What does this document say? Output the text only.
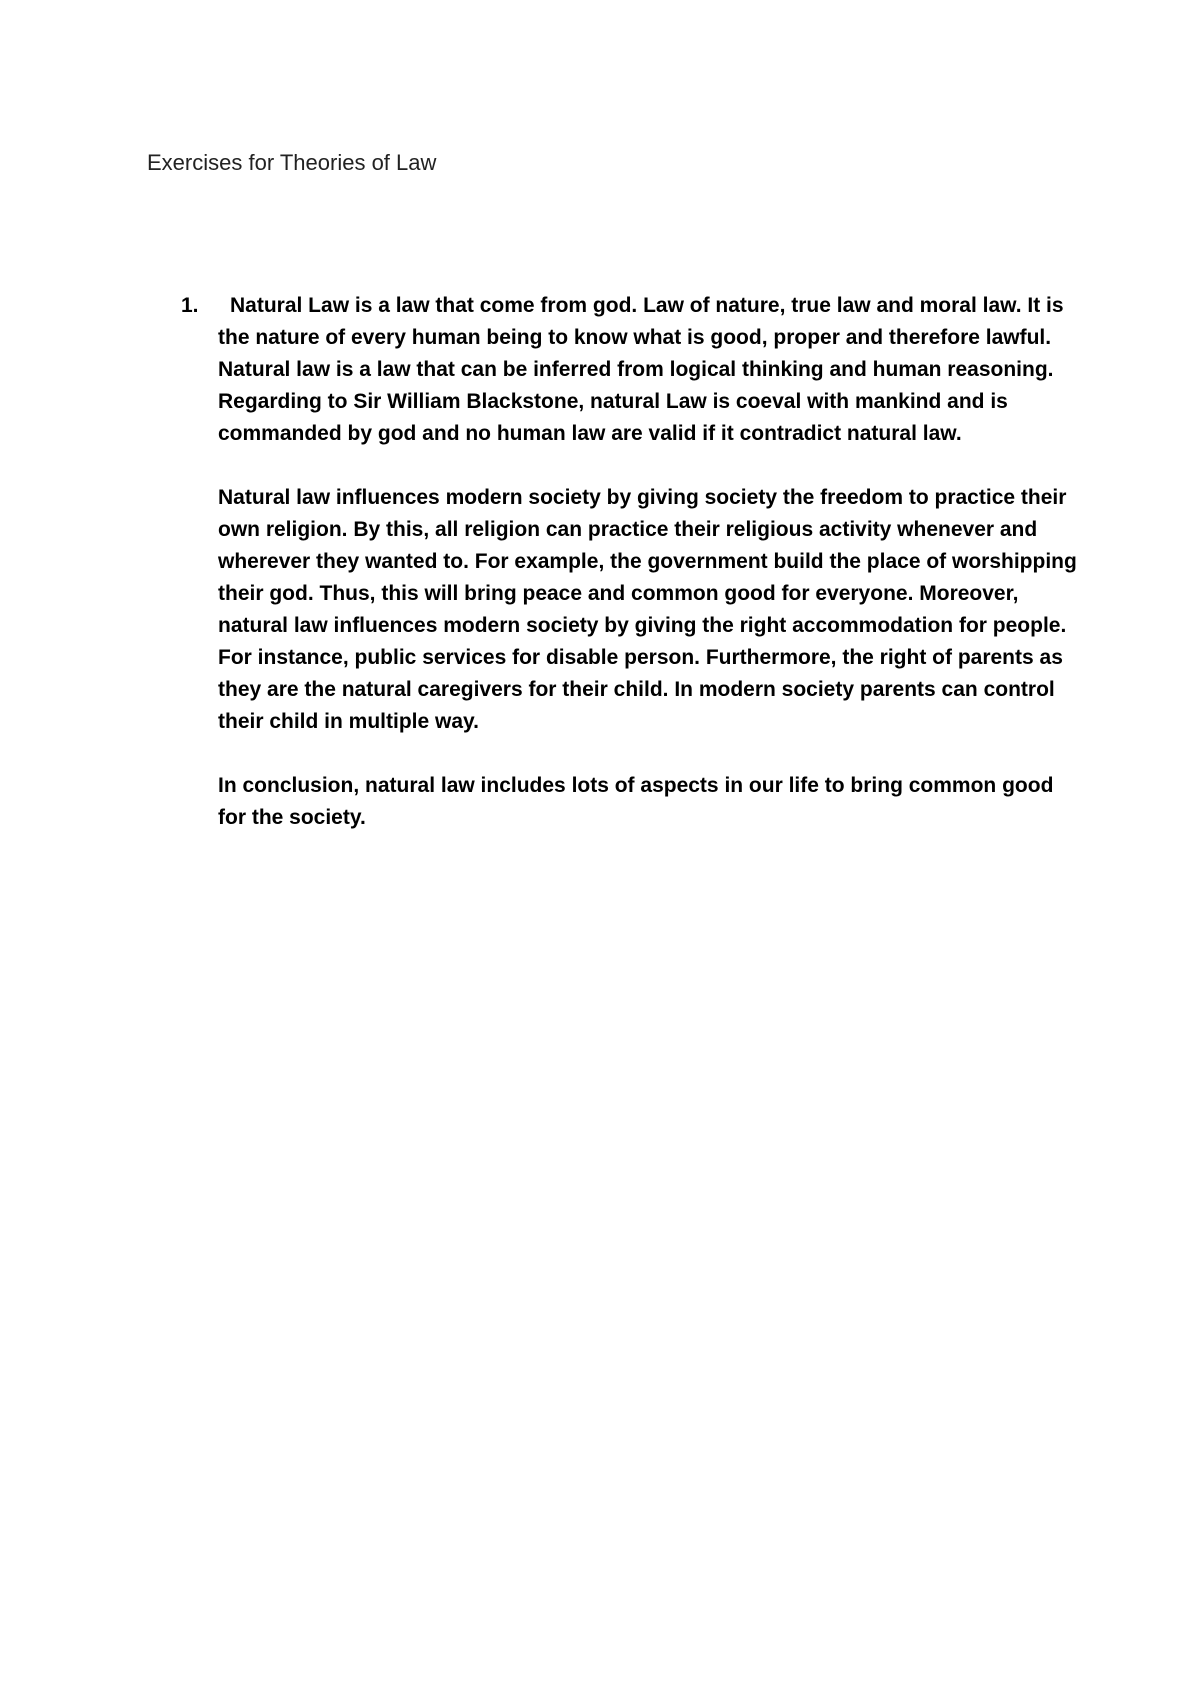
Exercises for Theories of Law
1.	Natural Law is a law that come from god. Law of nature, true law and moral law. It is the nature of every human being to know what is good, proper and therefore lawful. Natural law is a law that can be inferred from logical thinking and human reasoning. Regarding to Sir William Blackstone, natural Law is coeval with mankind and is commanded by god and no human law are valid if it contradict natural law.

Natural law influences modern society by giving society the freedom to practice their own religion. By this, all religion can practice their religious activity whenever and wherever they wanted to. For example, the government build the place of worshipping their god. Thus, this will bring peace and common good for everyone. Moreover, natural law influences modern society by giving the right accommodation for people. For instance, public services for disable person. Furthermore, the right of parents as they are the natural caregivers for their child. In modern society parents can control their child in multiple way.

In conclusion, natural law includes lots of aspects in our life to bring common good for the society.
